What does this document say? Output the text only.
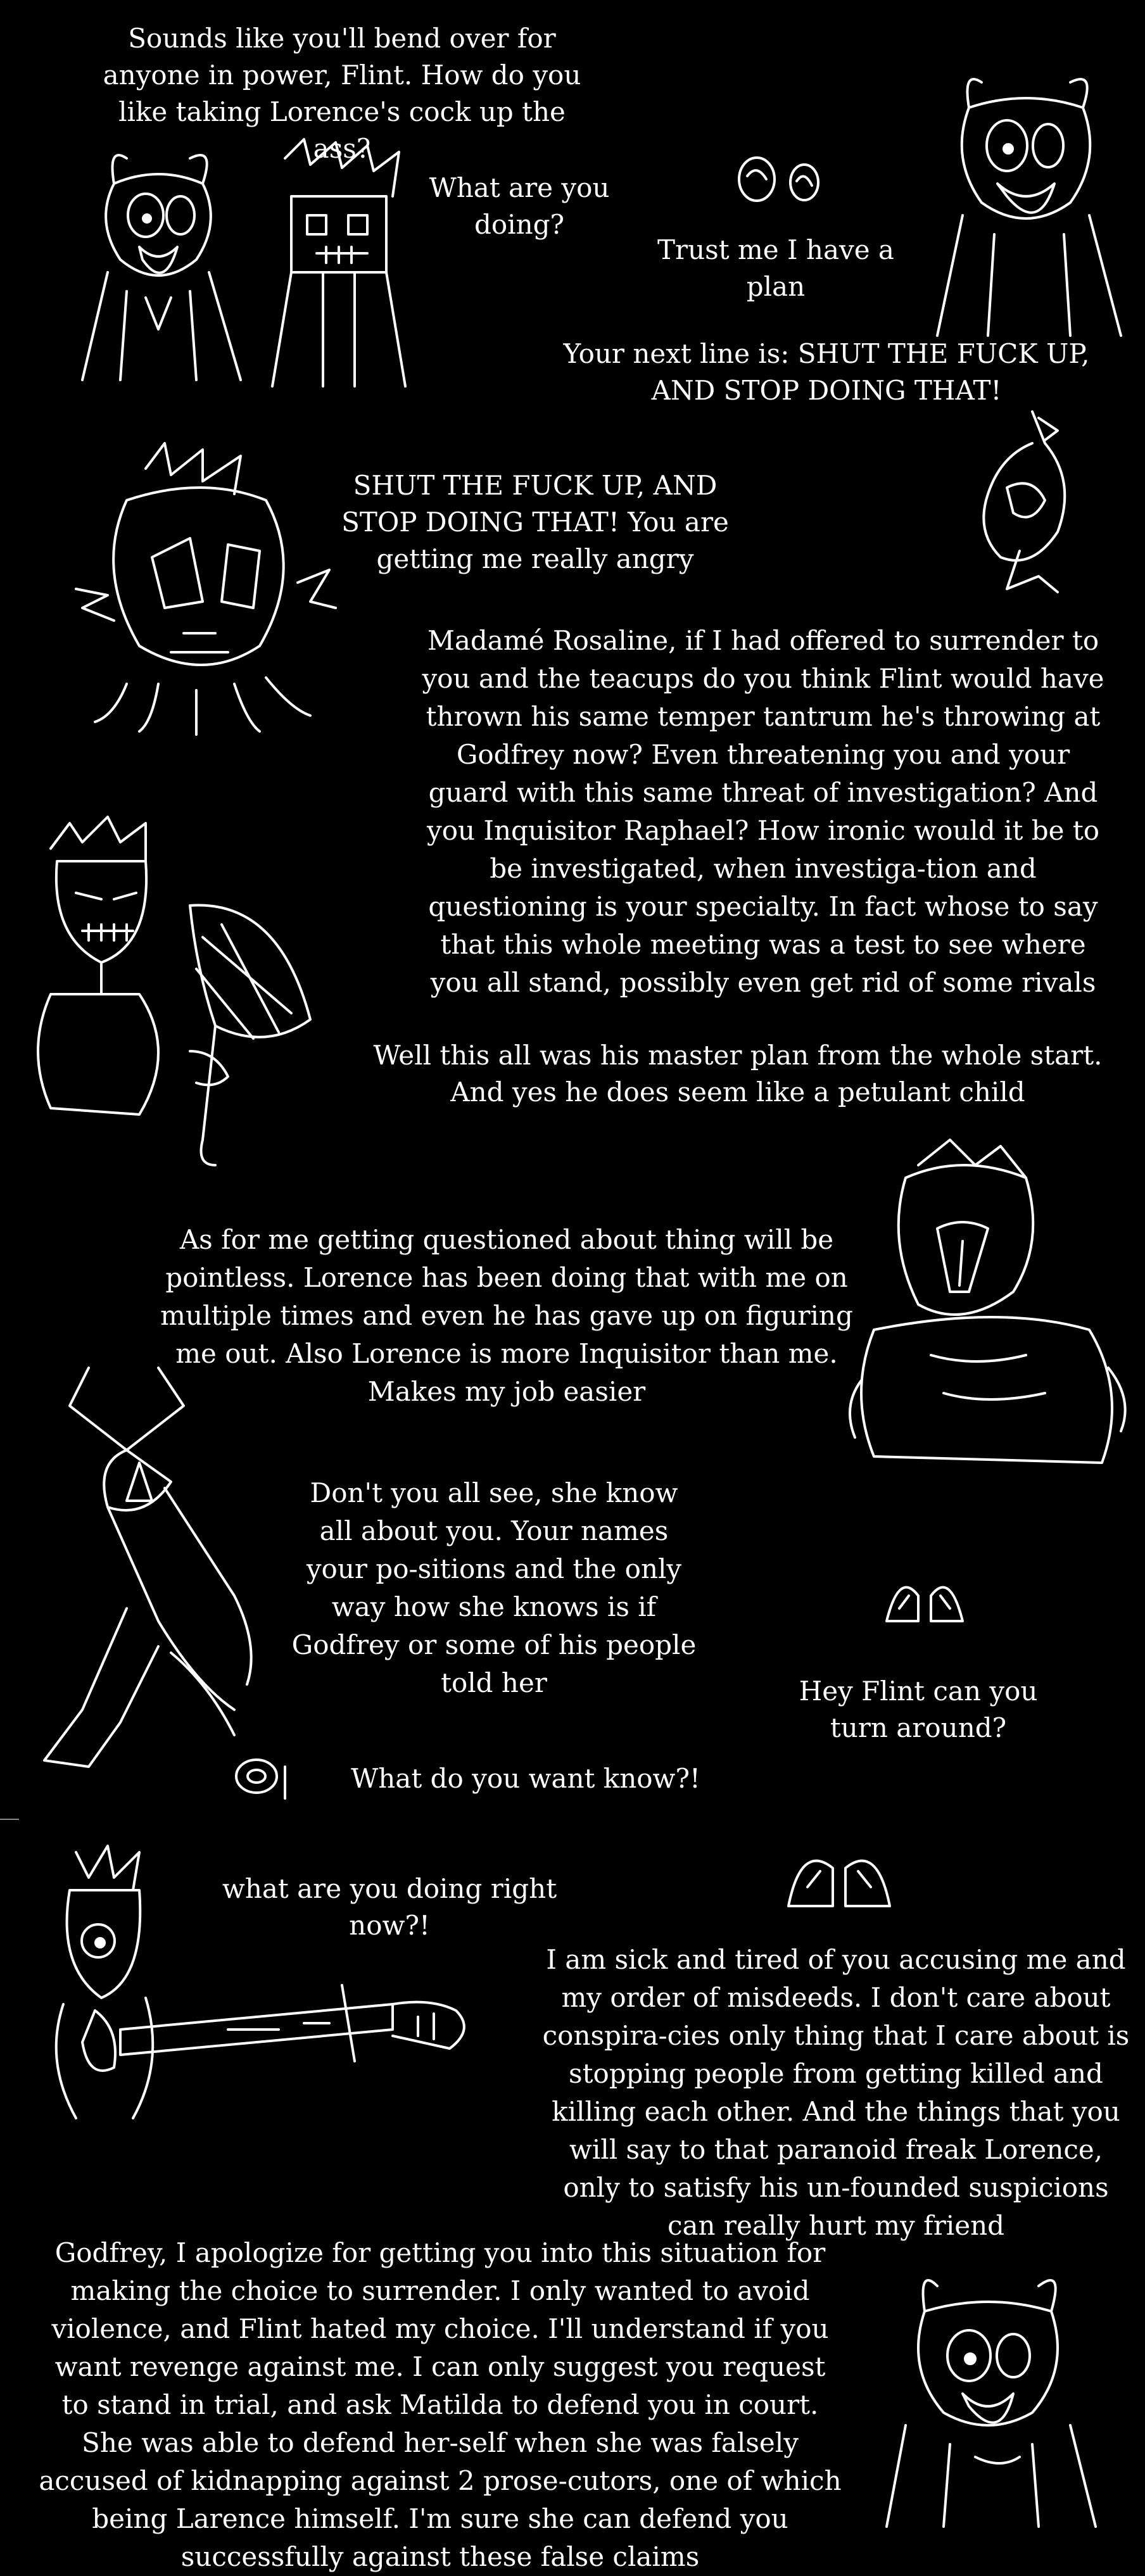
Sounds like you'll bend over for anyone in power, Flint. How do you like taking Lorence's cock up the ass?
What are you doing?
Trust me I have a plan
Your next line is: SHUT THE FUCK UP, AND STOP DOING THAT!
SHUT THE FUCK UP, AND STOP DOING THAT! You are getting me really angry
Madamé Rosaline, if I had offered to surrender to you and the teacups do you think Flint would have thrown his same temper tantrum he's throwing at Godfrey now? Even threatening you and your guard with this same threat of investigation? And you Inquisitor Raphael? How ironic would it be to be investigated, when investiga-tion and questioning is your specialty. In fact whose to say that this whole meeting was a test to see where you all stand, possibly even get rid of some rivals
Well this all was his master plan from the whole start. And yes he does seem like a petulant child
As for me getting questioned about thing will be pointless. Lorence has been doing that with me on multiple times and even he has gave up on figuring me out. Also Lorence is more Inquisitor than me. Makes my job easier
Don't you all see, she know all about you. Your names your po-sitions and the only way how she knows is if Godfrey or some of his people told her	Hey Flint can you turn around?
What do you want know?!
what are you doing right now?!
I am sick and tired of you accusing me and my order of misdeeds. I don't care about conspira-cies only thing that I care about is stopping people from getting killed and killing each other. And the things that you will say to that paranoid freak Lorence, only to satisfy his un-founded suspicions can really hurt my friend
Godfrey, I apologize for getting you into this situation for making the choice to surrender. I only wanted to avoid violence, and Flint hated my choice. I'll understand if you want revenge against me. I can only suggest you request to stand in trial, and ask Matilda to defend you in court. She was able to defend her-self when she was falsely accused of kidnapping against 2 prose-cutors, one of which being Larence himself. I'm sure she can defend you successfully against these false claims
